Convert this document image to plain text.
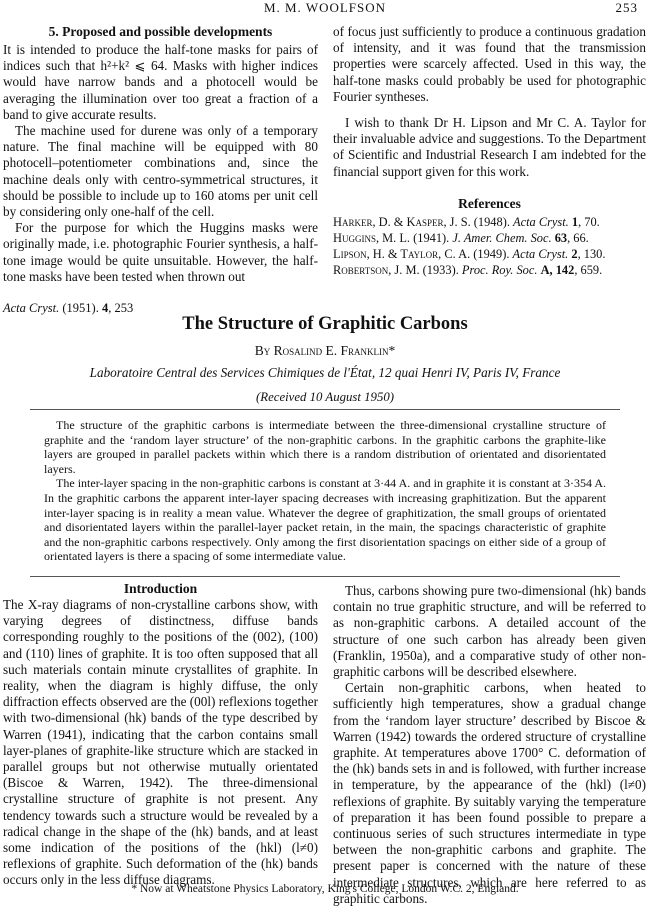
M. M. WOOLFSON	253
5. Proposed and possible developments

It is intended to produce the half-tone masks for pairs of indices such that h²+k² ⩽ 64. Masks with higher indices would have narrow bands and a photocell would be averaging the illumination over too great a fraction of a band to give accurate results.

The machine used for durene was only of a temporary nature. The final machine will be equipped with 80 photocell–potentiometer combinations and, since the machine deals only with centro-symmetrical structures, it should be possible to include up to 160 atoms per unit cell by considering only one-half of the cell.

For the purpose for which the Huggins masks were originally made, i.e. photographic Fourier synthesis, a half-tone image would be quite unsuitable. However, the half-tone masks have been tested when thrown out

of focus just sufficiently to produce a continuous gradation of intensity, and it was found that the transmission properties were scarcely affected. Used in this way, the half-tone masks could probably be used for photographic Fourier syntheses.

I wish to thank Dr H. Lipson and Mr C. A. Taylor for their invaluable advice and suggestions. To the Department of Scientific and Industrial Research I am indebted for the financial support given for this work.

References
Harker, D. & Kasper, J. S. (1948). Acta Cryst. 1, 70.
Huggins, M. L. (1941). J. Amer. Chem. Soc. 63, 66.
Lipson, H. & Taylor, C. A. (1949). Acta Cryst. 2, 130.
Robertson, J. M. (1933). Proc. Roy. Soc. A, 142, 659.
Acta Cryst. (1951). 4, 253
The Structure of Graphitic Carbons
By Rosalind E. Franklin*
Laboratoire Central des Services Chimiques de l'État, 12 quai Henri IV, Paris IV, France
(Received 10 August 1950)

The structure of the graphitic carbons is intermediate between the three-dimensional crystalline structure of graphite and the ‘random layer structure’ of the non-graphitic carbons. In the graphitic carbons the graphite-like layers are grouped in parallel packets within which there is a random distribution of orientated and disorientated layers.

The inter-layer spacing in the non-graphitic carbons is constant at 3·44 A. and in graphite it is constant at 3·354 A. In the graphitic carbons the apparent inter-layer spacing decreases with increasing graphitization. But the apparent inter-layer spacing is in reality a mean value. Whatever the degree of graphitization, the small groups of orientated and disorientated layers within the parallel-layer packet retain, in the main, the spacings characteristic of graphite and the non-graphitic carbons respectively. Only among the first disorientation spacings on either side of a group of orientated layers is there a spacing of some intermediate value.

Introduction

The X-ray diagrams of non-crystalline carbons show, with varying degrees of distinctness, diffuse bands corresponding roughly to the positions of the (002), (100) and (110) lines of graphite. It is too often supposed that all such materials contain minute crystallites of graphite. In reality, when the diagram is highly diffuse, the only diffraction effects observed are the (00l) reflexions together with two-dimensional (hk) bands of the type described by Warren (1941), indicating that the carbon contains small layer-planes of graphite-like structure which are stacked in parallel groups but not otherwise mutually orientated (Biscoe & Warren, 1942). The three-dimensional crystalline structure of graphite is not present. Any tendency towards such a structure would be revealed by a radical change in the shape of the (hk) bands, and at least some indication of the positions of the (hkl) (l≠0) reflexions of graphite. Such deformation of the (hk) bands occurs only in the less diffuse diagrams.

Thus, carbons showing pure two-dimensional (hk) bands contain no true graphitic structure, and will be referred to as non-graphitic carbons. A detailed account of the structure of one such carbon has already been given (Franklin, 1950a), and a comparative study of other non-graphitic carbons will be described elsewhere.

Certain non-graphitic carbons, when heated to sufficiently high temperatures, show a gradual change from the ‘random layer structure’ described by Biscoe & Warren (1942) towards the ordered structure of crystalline graphite. At temperatures above 1700° C. deformation of the (hk) bands sets in and is followed, with further increase in temperature, by the appearance of the (hkl) (l≠0) reflexions of graphite. By suitably varying the temperature of preparation it has been found possible to prepare a continuous series of such structures intermediate in type between the non-graphitic carbons and graphite. The present paper is concerned with the nature of these intermediate structures, which are here referred to as graphitic carbons.

* Now at Wheatstone Physics Laboratory, King's College, London W.C. 2, England.
